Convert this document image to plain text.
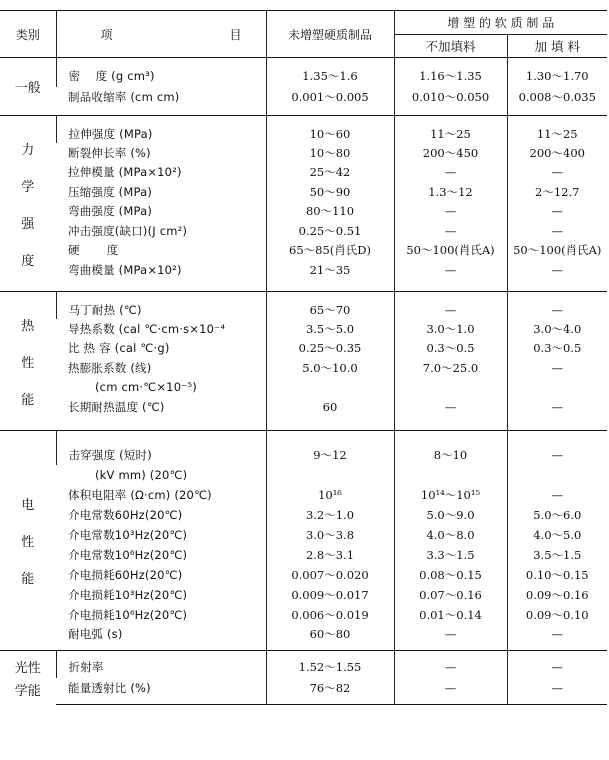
类别	项 目	未增塑硬质制品	增 塑 的 软 质 制 品	
			不加填料	加 填 料

一般	密    度 (g cm³)	1.35～1.6	1.16～1.35	1.30～1.70
	制品收缩率 (cm cm)	0.001～0.005	0.010～0.050	0.008～0.035

力
学
强
度	拉伸强度 (MPa)	10～60	11～25	11～25
	断裂伸长率 (%)	10～80	200～450	200～400
	拉伸模量 (MPa×10²)	25～42	—	—
	压缩强度 (MPa)	50～90	1.3～12	2～12.7
	弯曲强度 (MPa)	80～110	—	—
	冲击强度(缺口)(J cm²)	0.25～0.51	—	—
	硬       度	65～85(肖氏D)	50～100(肖氏A)	50～100(肖氏A)
	弯曲模量 (MPa×10²)	21～35	—	—

热
性
能	马丁耐热 (℃)	65～70	—	—
	导热系数 (cal ℃·cm·s×10⁻⁴	3.5～5.0	3.0～1.0	3.0～4.0
	比 热 容 (cal ℃·g)	0.25～0.35	0.3～0.5	0.3～0.5
	热膨胀系数 (线)	5.0～10.0	7.0～25.0	—
	(cm cm·℃×10⁻⁵)			
	长期耐热温度 (℃)	60	—	—

电
性
能	击穿强度 (短时)	9～12	8～10	—
	(kV mm) (20℃)			
	体积电阻率 (Ω·cm) (20℃)	10¹⁶	10¹⁴～10¹⁵	—
	介电常数60Hz(20℃)	3.2～1.0	5.0～9.0	5.0～6.0
	介电常数10³Hz(20℃)	3.0～3.8	4.0～8.0	4.0～5.0
	介电常数10⁶Hz(20℃)	2.8～3.1	3.3～1.5	3.5～1.5
	介电损耗60Hz(20℃)	0.007～0.020	0.08～0.15	0.10～0.15
	介电损耗10³Hz(20℃)	0.009～0.017	0.07～0.16	0.09～0.16
	介电损耗10⁶Hz(20℃)	0.006～0.019	0.01～0.14	0.09～0.10
	耐电弧 (s)	60～80	—	—

光性
学能	折射率	1.52～1.55	—	—
	能量透射比 (%)	76～82	—	—
